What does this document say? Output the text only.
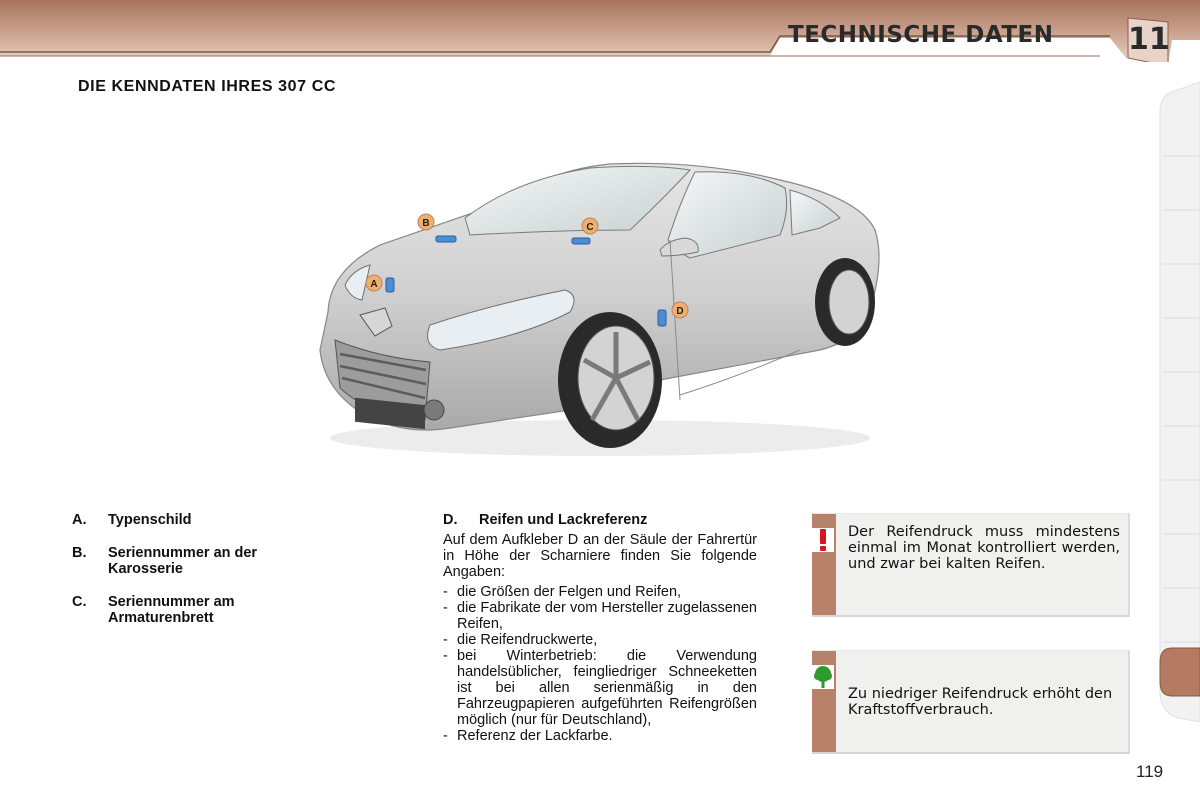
TECHNISCHE DATEN 11
DIE KENNDATEN IHRES 307 CC
A
B	C
D
A.	Typenschild
B.	Seriennummer an der Karosserie
C.	Seriennummer am Armaturenbrett
D.	Reifen und Lackreferenz

Auf dem Aufkleber D an der Säule der Fahrertür in Höhe der Scharniere finden Sie folgende Angaben:

- die Größen der Felgen und Reifen,
- die Fabrikate der vom Hersteller zugelassenen Reifen,
- die Reifendruckwerte,
- bei Winterbetrieb: die Verwendung handelsüblicher, feingliedriger Schneeketten ist bei allen serienmäßig in den Fahrzeugpapieren aufgeführten Reifengrößen möglich (nur für Deutschland),
- Referenz der Lackfarbe.

Der Reifendruck muss mindestens einmal im Monat kontrolliert werden, und zwar bei kalten Reifen.

Zu niedriger Reifendruck erhöht den Kraftstoffverbrauch.

119
